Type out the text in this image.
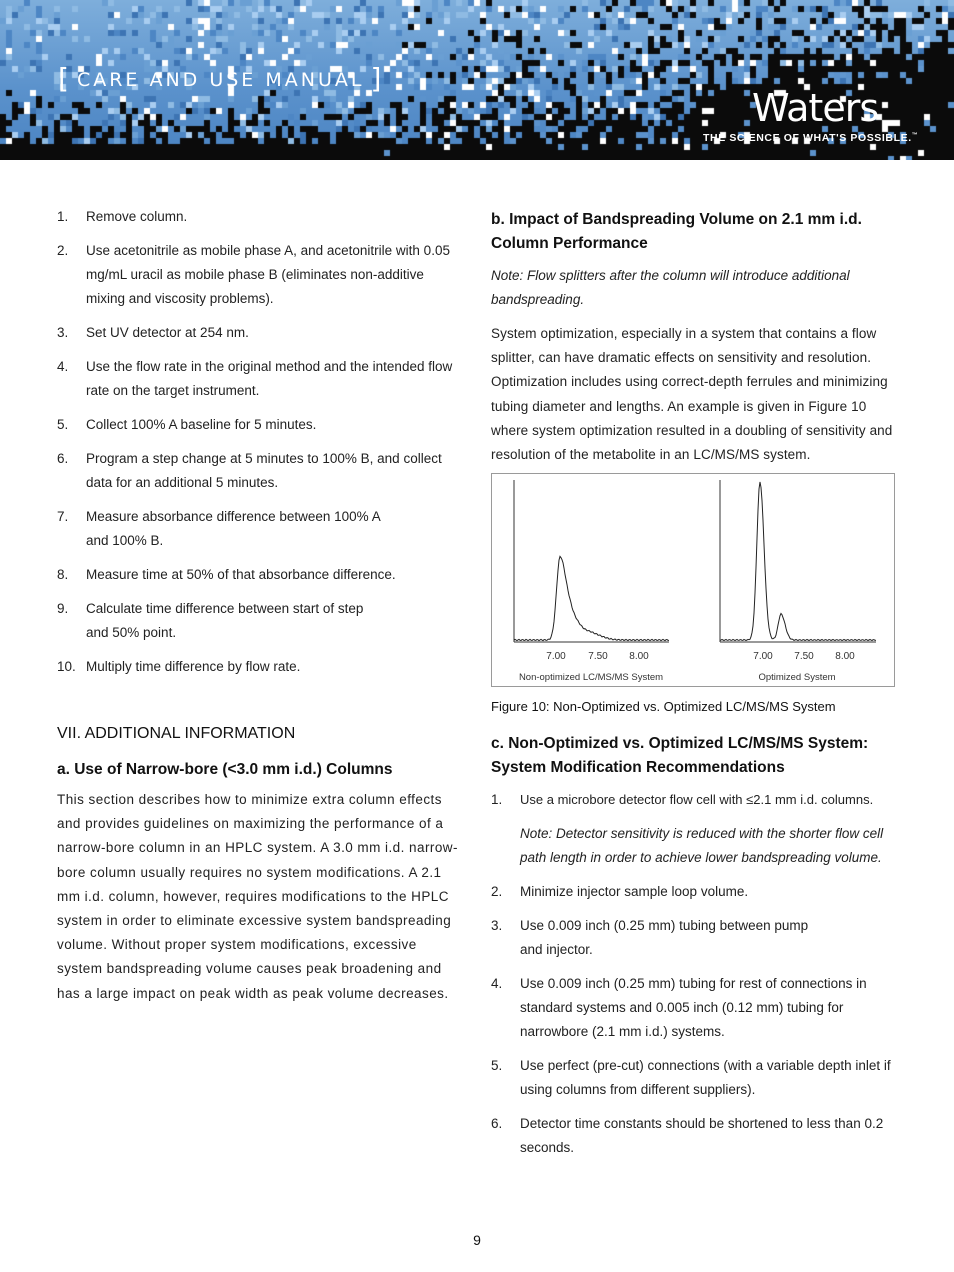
[ CARE AND USE MANUAL ]
Waters
THE SCIENCE OF WHAT'S POSSIBLE.™
1. Remove column.
2. Use acetonitrile as mobile phase A, and acetonitrile with 0.05 mg/mL uracil as mobile phase B (eliminates non-additive mixing and viscosity problems).
3. Set UV detector at 254 nm.
4. Use the flow rate in the original method and the intended flow rate on the target instrument.
5. Collect 100% A baseline for 5 minutes.
6. Program a step change at 5 minutes to 100% B, and collect data for an additional 5 minutes.
7. Measure absorbance difference between 100% A and 100% B.
8. Measure time at 50% of that absorbance difference.
9. Calculate time difference between start of step and 50% point.
10. Multiply time difference by flow rate.
VII. ADDITIONAL INFORMATION
a. Use of Narrow-bore (<3.0 mm i.d.) Columns

This section describes how to minimize extra column effects and provides guidelines on maximizing the performance of a narrow-bore column in an HPLC system. A 3.0 mm i.d. narrow-bore column usually requires no system modifications. A 2.1 mm i.d. column, however, requires modifications to the HPLC system in order to eliminate excessive system bandspreading volume. Without proper system modifications, excessive system bandspreading volume causes peak broadening and has a large impact on peak width as peak volume decreases.

b. Impact of Bandspreading Volume on 2.1 mm i.d. Column Performance

Note: Flow splitters after the column will introduce additional bandspreading.

System optimization, especially in a system that contains a flow splitter, can have dramatic effects on sensitivity and resolution. Optimization includes using correct-depth ferrules and minimizing tubing diameter and lengths. An example is given in Figure 10 where system optimization resulted in a doubling of sensitivity and resolution of the metabolite in an LC/MS/MS system.

7.00 7.50 8.00
Non-optimized LC/MS/MS System
7.00 7.50 8.00
Optimized System
Figure 10: Non-Optimized vs. Optimized LC/MS/MS System
c. Non-Optimized vs. Optimized LC/MS/MS System: System Modification Recommendations
1. Use a microbore detector flow cell with ≤2.1 mm i.d. columns.
Note: Detector sensitivity is reduced with the shorter flow cell path length in order to achieve lower bandspreading volume.
2. Minimize injector sample loop volume.
3. Use 0.009 inch (0.25 mm) tubing between pump and injector.
4. Use 0.009 inch (0.25 mm) tubing for rest of connections in standard systems and 0.005 inch (0.12 mm) tubing for narrowbore (2.1 mm i.d.) systems.
5. Use perfect (pre-cut) connections (with a variable depth inlet if using columns from different suppliers).
6. Detector time constants should be shortened to less than 0.2 seconds.
9
